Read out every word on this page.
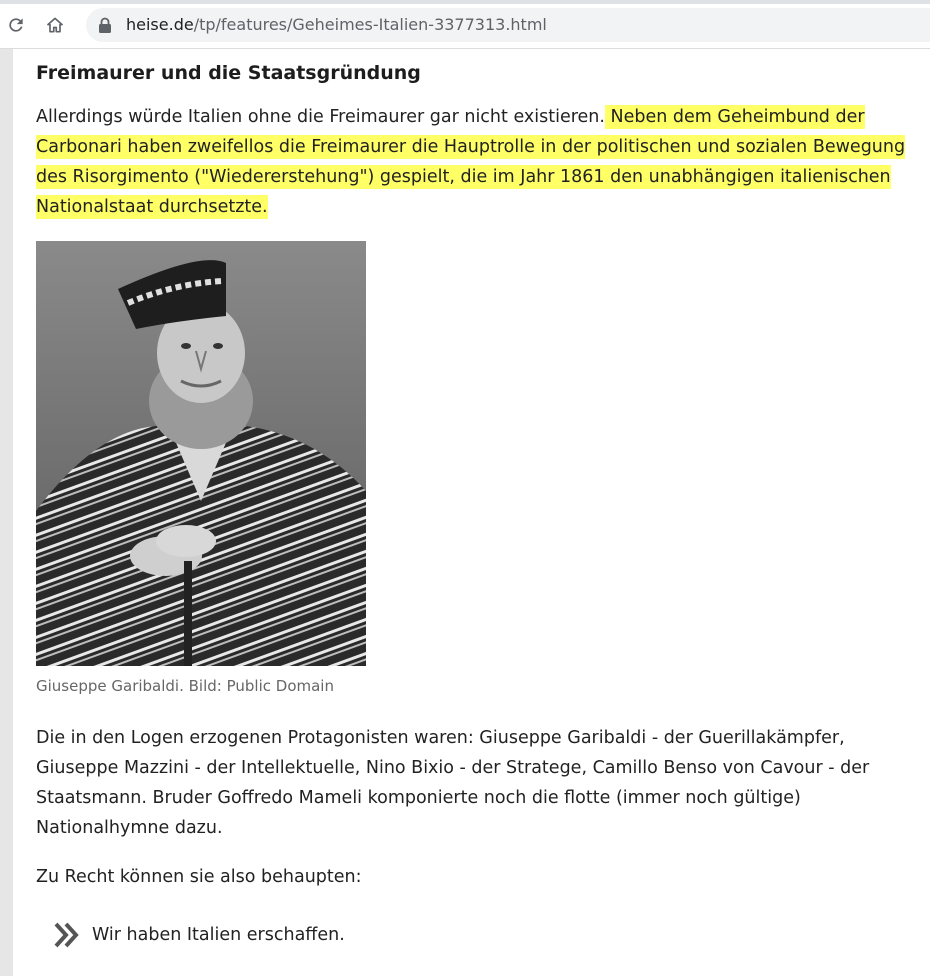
heise.de/tp/features/Geheimes-Italien-3377313.html
Freimaurer und die Staatsgründung

Allerdings würde Italien ohne die Freimaurer gar nicht existieren. Neben dem Geheimbund der Carbonari haben zweifellos die Freimaurer die Hauptrolle in der politischen und sozialen Bewegung des Risorgimento ("Wiedererstehung") gespielt, die im Jahr 1861 den unabhängigen italienischen Nationalstaat durchsetzte.

Giuseppe Garibaldi. Bild: Public Domain

Die in den Logen erzogenen Protagonisten waren: Giuseppe Garibaldi - der Guerillakämpfer, Giuseppe Mazzini - der Intellektuelle, Nino Bixio - der Stratege, Camillo Benso von Cavour - der Staatsmann. Bruder Goffredo Mameli komponierte noch die flotte (immer noch gültige) Nationalhymne dazu.

Zu Recht können sie also behaupten:

Wir haben Italien erschaffen.
